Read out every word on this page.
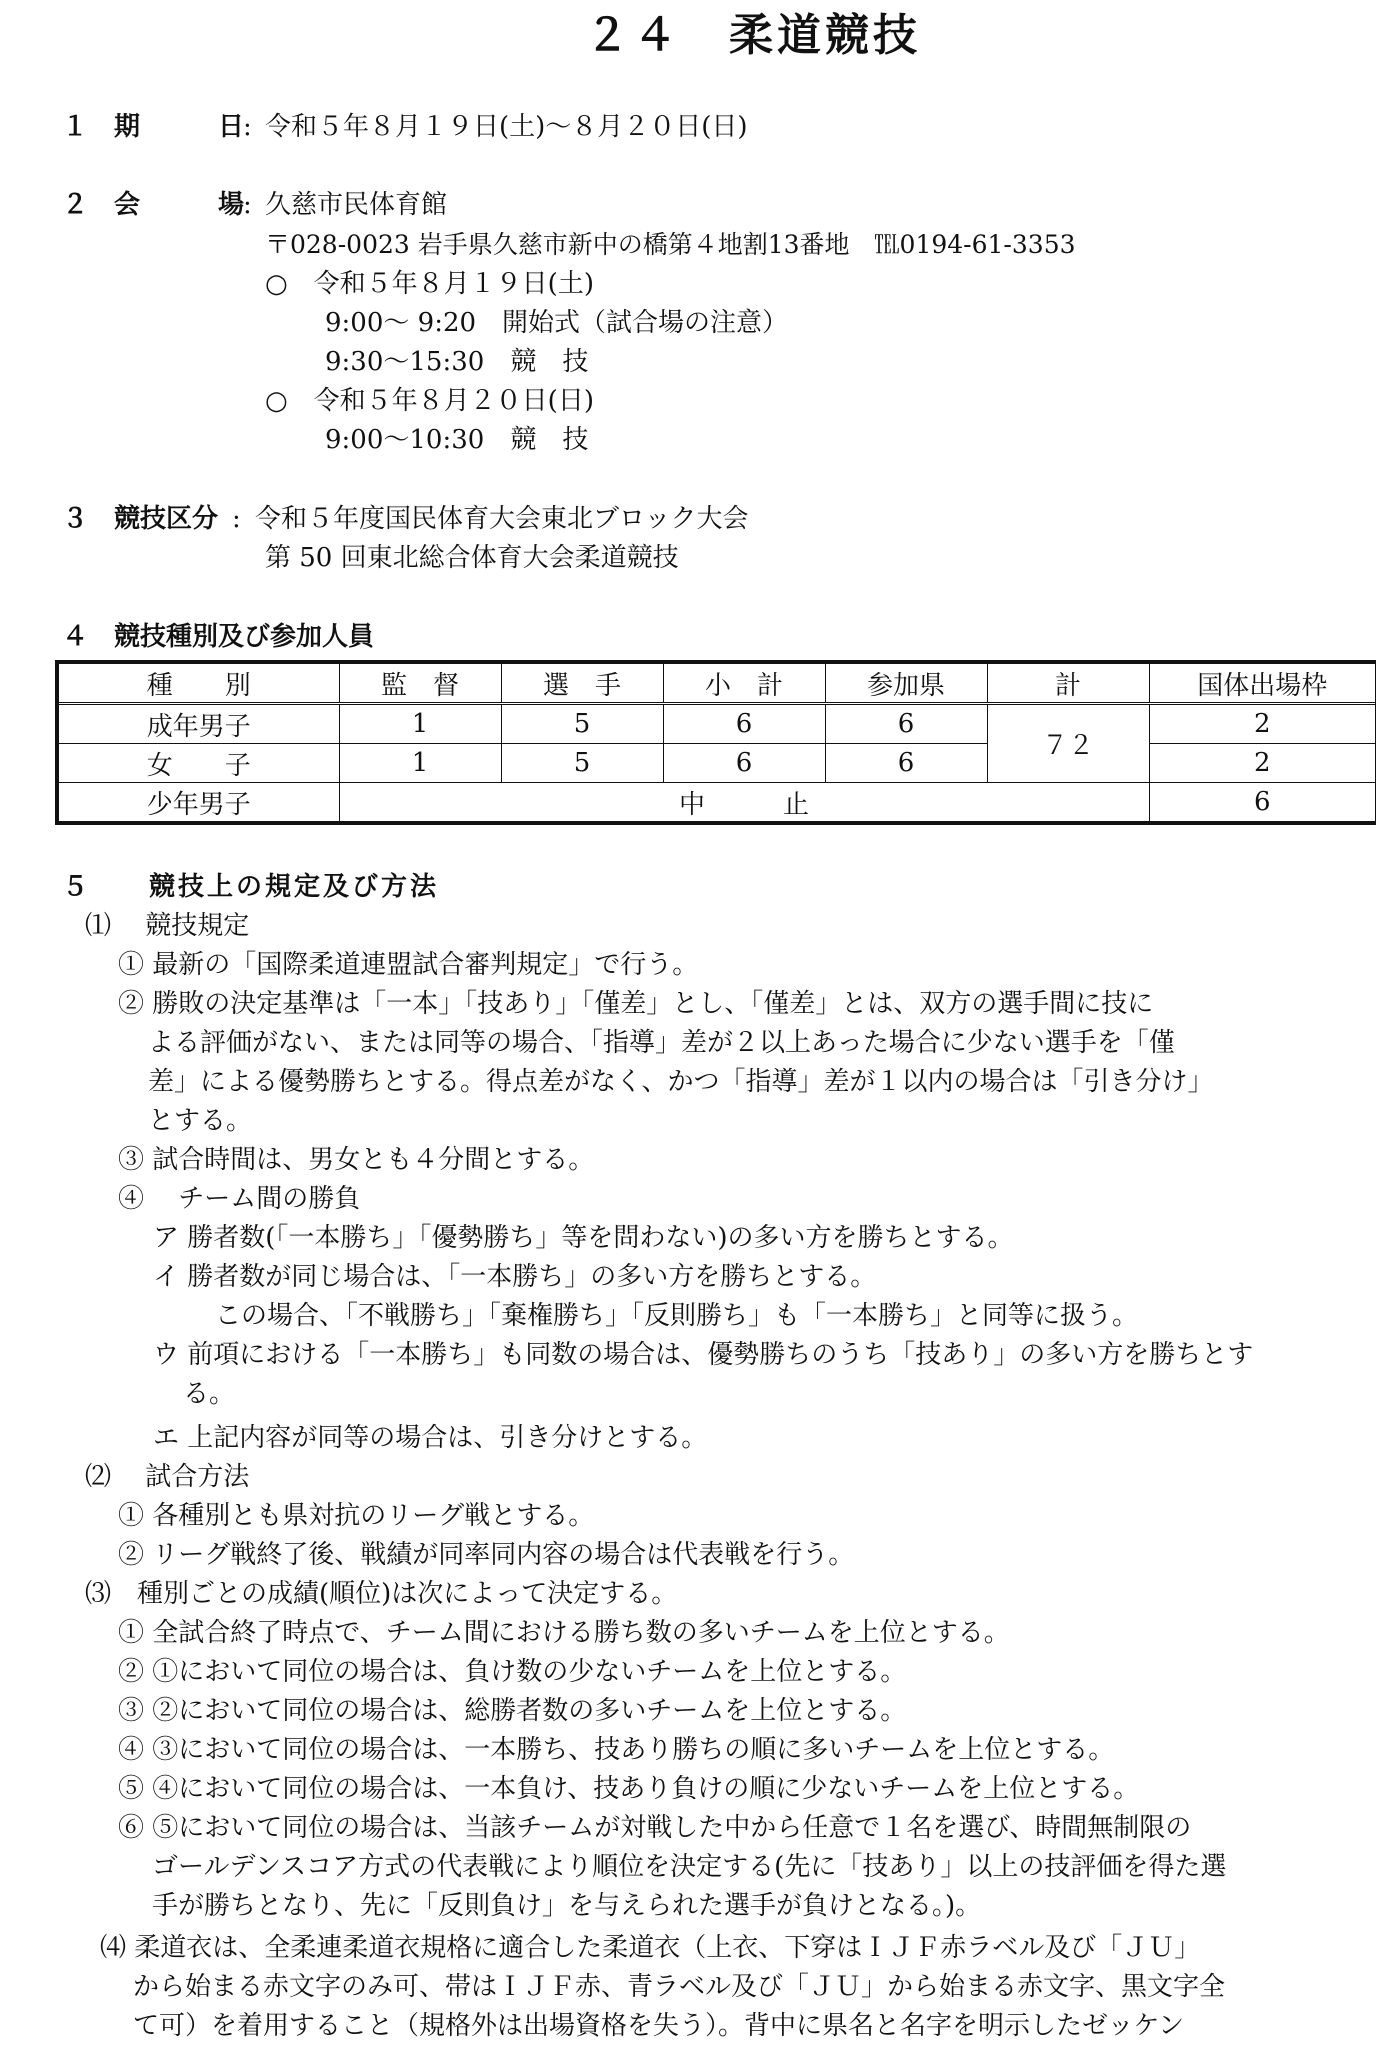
２４　柔道競技
１　期　　　日
: 令和５年８月１９日(土)～８月２０日(日)
２　会　　　場
: 久慈市民体育館
〒028-0023 岩手県久慈市新中の橋第４地割13番地　℡0194-61-3353
○　令和５年８月１９日(土)
9:00～ 9:20　開始式（試合場の注意）
9:30～15:30　競　技
○　令和５年８月２０日(日)
9:00～10:30　競　技
３　競技区分 : 令和５年度国民体育大会東北ブロック大会
第 50 回東北総合体育大会柔道競技
４　競技種別及び参加人員
種　　別	監　督	選　手	小　計	参加県	計	国体出場枠
成年男子	1	5	6	6	７２	2
女　　子	1	5	6	6		2
少年男子	中　　　止					6
５　　競技上の規定及び方法
⑴　 競技規定
① 最新の「国際柔道連盟試合審判規定」で行う。
② 勝敗の決定基準は「一本」「技あり」「僅差」とし、「僅差」とは、双方の選手間に技に
よる評価がない、または同等の場合、「指導」差が２以上あった場合に少ない選手を「僅
差」による優勢勝ちとする。得点差がなく、かつ「指導」差が１以内の場合は「引き分け」
とする。
③ 試合時間は、男女とも４分間とする。
④　 チーム間の勝負
ア 勝者数(「一本勝ち」「優勢勝ち」等を問わない)の多い方を勝ちとする。
イ 勝者数が同じ場合は、「一本勝ち」の多い方を勝ちとする。
この場合、「不戦勝ち」「棄権勝ち」「反則勝ち」も「一本勝ち」と同等に扱う。
ウ 前項における「一本勝ち」も同数の場合は、優勢勝ちのうち「技あり」の多い方を勝ちとす
る。
エ 上記内容が同等の場合は、引き分けとする。
⑵　 試合方法
① 各種別とも県対抗のリーグ戦とする。
② リーグ戦終了後、戦績が同率同内容の場合は代表戦を行う。
⑶　種別ごとの成績(順位)は次によって決定する。
① 全試合終了時点で、チーム間における勝ち数の多いチームを上位とする。
② ①において同位の場合は、負け数の少ないチームを上位とする。
③ ②において同位の場合は、総勝者数の多いチームを上位とする。
④ ③において同位の場合は、一本勝ち、技あり勝ちの順に多いチームを上位とする。
⑤ ④において同位の場合は、一本負け、技あり負けの順に少ないチームを上位とする。
⑥ ⑤において同位の場合は、当該チームが対戦した中から任意で１名を選び、時間無制限の
ゴールデンスコア方式の代表戦により順位を決定する(先に「技あり」以上の技評価を得た選
手が勝ちとなり、先に「反則負け」を与えられた選手が負けとなる。)。
⑷ 柔道衣は、全柔連柔道衣規格に適合した柔道衣（上衣、下穿はＩＪＦ赤ラベル及び「ＪＵ」
から始まる赤文字のみ可、帯はＩＪＦ赤、青ラベル及び「ＪＵ」から始まる赤文字、黒文字全
て可）を着用すること（規格外は出場資格を失う）。背中に県名と名字を明示したゼッケン
